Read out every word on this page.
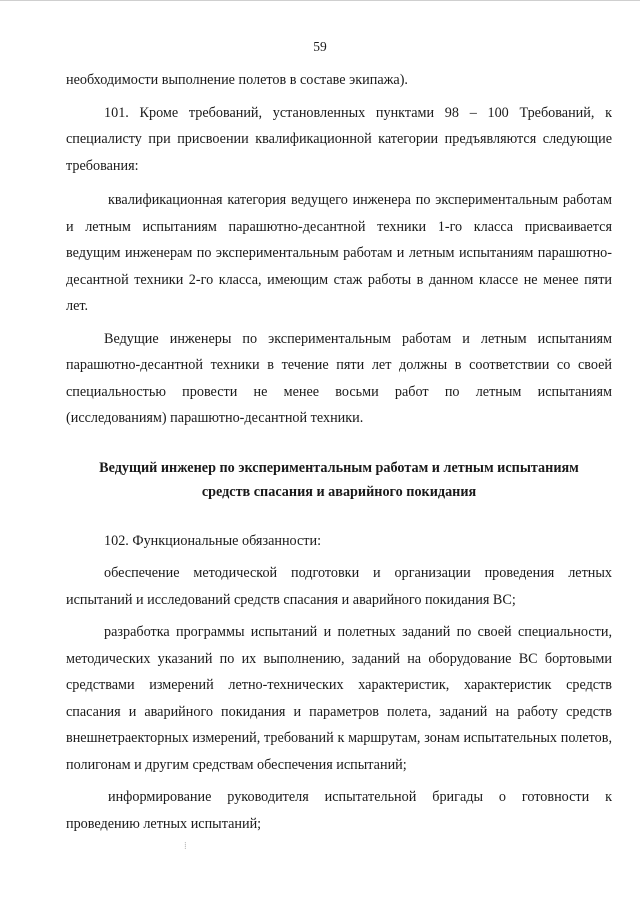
59

необходимости выполнение полетов в составе экипажа).

101. Кроме требований, установленных пунктами 98 – 100 Требований, к специалисту при присвоении квалификационной категории предъявляются следующие требования:

квалификационная категория ведущего инженера по экспериментальным работам и летным испытаниям парашютно-десантной техники 1-го класса присваивается ведущим инженерам по экспериментальным работам и летным испытаниям парашютно-десантной техники 2-го класса, имеющим стаж работы в данном классе не менее пяти лет.

Ведущие инженеры по экспериментальным работам и летным испытаниям парашютно-десантной техники в течение пяти лет должны в соответствии со своей специальностью провести не менее восьми работ по летным испытаниям (исследованиям) парашютно-десантной техники.

Ведущий инженер по экспериментальным работам и летным испытаниям
средств спасания и аварийного покидания

102. Функциональные обязанности:

обеспечение методической подготовки и организации проведения летных испытаний и исследований средств спасания и аварийного покидания ВС;

разработка программы испытаний и полетных заданий по своей специальности, методических указаний по их выполнению, заданий на оборудование ВС бортовыми средствами измерений летно-технических характеристик, характеристик средств спасания и аварийного покидания и параметров полета, заданий на работу средств внешнетраекторных измерений, требований к маршрутам, зонам испытательных полетов, полигонам и другим средствам обеспечения испытаний;

информирование руководителя испытательной бригады о готовности к проведению летных испытаний;

⁞
